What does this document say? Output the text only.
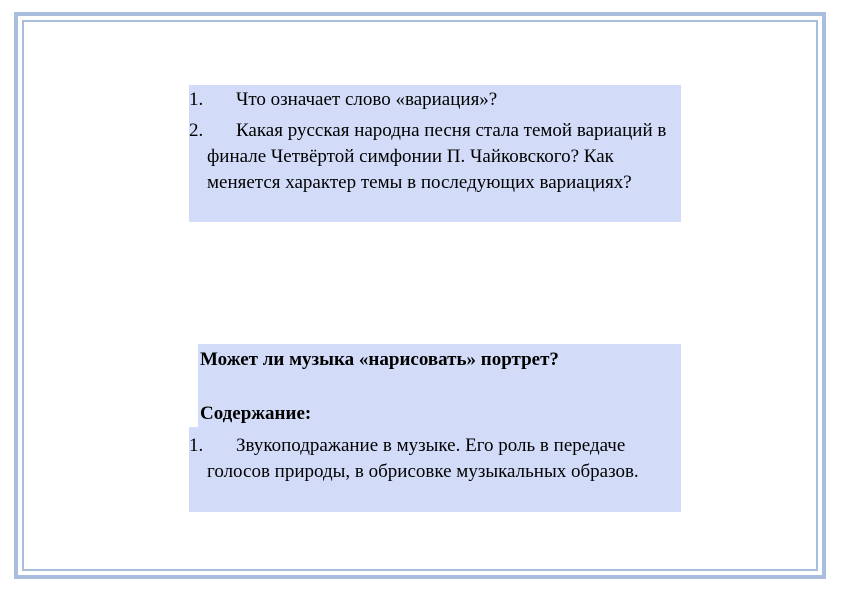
1.	Что означает слово «вариация»?
2.	Какая русская народна песня стала темой вариаций в финале Четвёртой симфонии П. Чайковского? Как меняется характер темы в последующих вариациях?
Может ли музыка «нарисовать» портрет?
Содержание:
1.	Звукоподражание в музыке. Его роль в передаче голосов природы, в обрисовке музыкальных образов.
